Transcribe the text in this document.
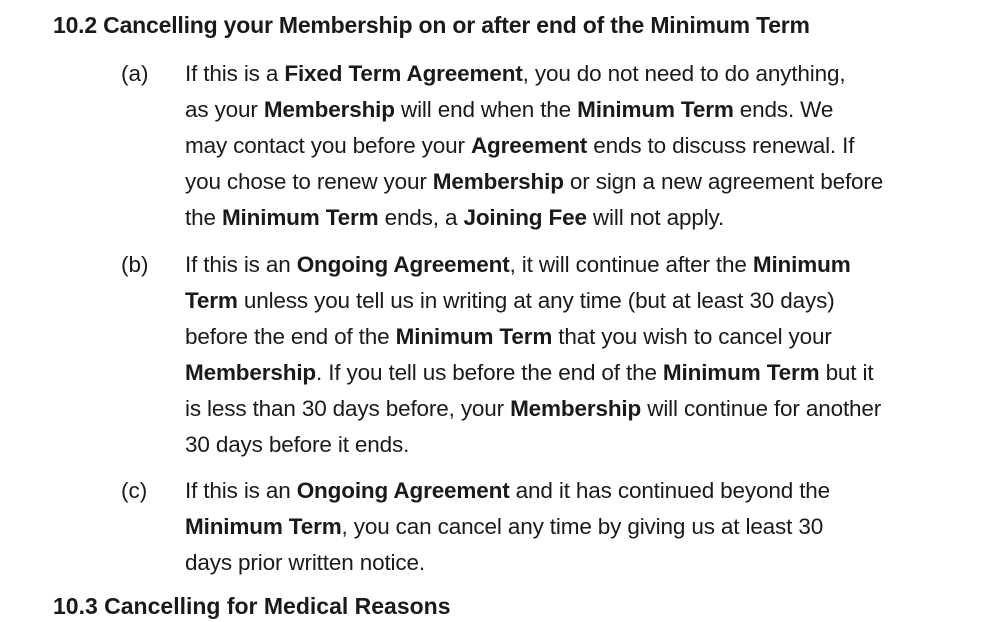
10.2 Cancelling your Membership on or after end of the Minimum Term
(a) If this is a Fixed Term Agreement, you do not need to do anything,
as your Membership will end when the Minimum Term ends. We
may contact you before your Agreement ends to discuss renewal. If
you chose to renew your Membership or sign a new agreement before
the Minimum Term ends, a Joining Fee will not apply.
(b) If this is an Ongoing Agreement, it will continue after the Minimum
Term unless you tell us in writing at any time (but at least 30 days)
before the end of the Minimum Term that you wish to cancel your
Membership. If you tell us before the end of the Minimum Term but it
is less than 30 days before, your Membership will continue for another
30 days before it ends.
(c) If this is an Ongoing Agreement and it has continued beyond the
Minimum Term, you can cancel any time by giving us at least 30
days prior written notice.
10.3 Cancelling for Medical Reasons
